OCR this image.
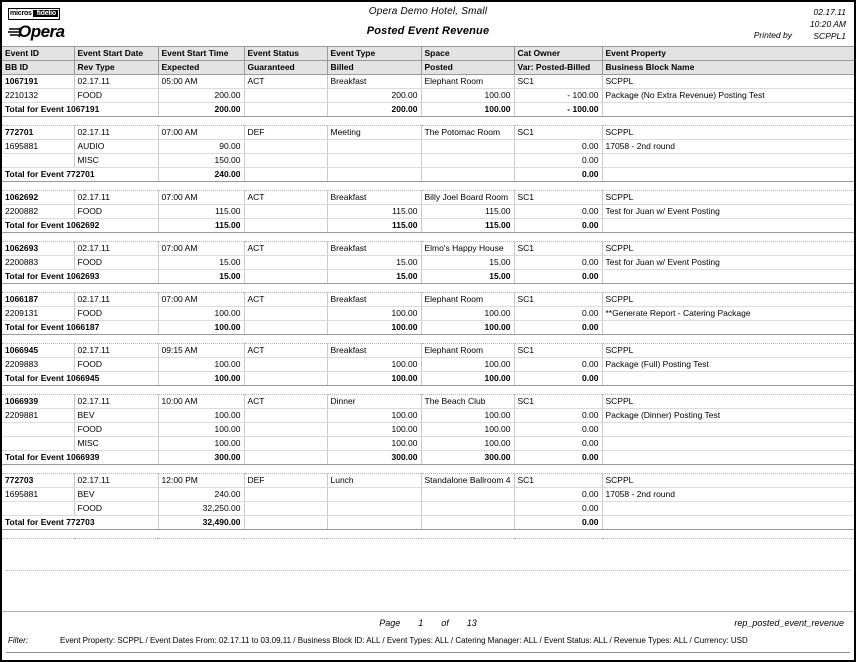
micros fidelio
Opera
Opera Demo Hotel, Small
Posted Event Revenue
02.17.11
10:20 AM
SCPPL1
Printed by
Event ID	Event Start Date	Event Start Time	Event Status	Event Type	Space	Cat Owner	Event Property
BB ID	Rev Type	Expected	Guaranteed	Billed	Posted	Var: Posted-Billed	Business Block Name
1067191	02.17.11	05:00 AM	ACT	Breakfast	Elephant Room	SC1	SCPPL
2210132	FOOD	200.00		200.00	100.00	- 100.00	Package (No Extra Revenue) Posting Test
Total for Event 1067191		200.00		200.00	100.00	- 100.00	

772701	02.17.11	07:00 AM	DEF	Meeting	The Potomac Room	SC1	SCPPL
1695881	AUDIO	90.00				0.00	17058 - 2nd round
	MISC	150.00				0.00	
Total for Event 772701		240.00				0.00	

1062692	02.17.11	07:00 AM	ACT	Breakfast	Billy Joel Board Room	SC1	SCPPL
2200882	FOOD	115.00		115.00	115.00	0.00	Test for Juan w/ Event Posting
Total for Event 1062692		115.00		115.00	115.00	0.00	

1062693	02.17.11	07:00 AM	ACT	Breakfast	Elmo's Happy House	SC1	SCPPL
2200883	FOOD	15.00		15.00	15.00	0.00	Test for Juan w/ Event Posting
Total for Event 1062693		15.00		15.00	15.00	0.00	

1066187	02.17.11	07:00 AM	ACT	Breakfast	Elephant Room	SC1	SCPPL
2209131	FOOD	100.00		100.00	100.00	0.00	**Generate Report - Catering Package
Total for Event 1066187		100.00		100.00	100.00	0.00	

1066945	02.17.11	09:15 AM	ACT	Breakfast	Elephant Room	SC1	SCPPL
2209883	FOOD	100.00		100.00	100.00	0.00	Package (Full) Posting Test
Total for Event 1066945		100.00		100.00	100.00	0.00	

1066939	02.17.11	10:00 AM	ACT	Dinner	The Beach Club	SC1	SCPPL
2209881	BEV	100.00		100.00	100.00	0.00	Package (Dinner) Posting Test
	FOOD	100.00		100.00	100.00	0.00	
	MISC	100.00		100.00	100.00	0.00	
Total for Event 1066939		300.00		300.00	300.00	0.00	

772703	02.17.11	12:00 PM	DEF	Lunch	Standalone Ballroom 4	SC1	SCPPL
1695881	BEV	240.00				0.00	17058 - 2nd round
	FOOD	32,250.00				0.00	
Total for Event 772703		32,490.00				0.00	

Page 1 of 13	rep_posted_event_revenue
Filter:	Event Property: SCPPL / Event Dates From: 02.17.11 to 03.09.11 / Business Block ID: ALL / Event Types: ALL / Catering Manager: ALL / Event Status: ALL / Revenue Types: ALL / Currency: USD
